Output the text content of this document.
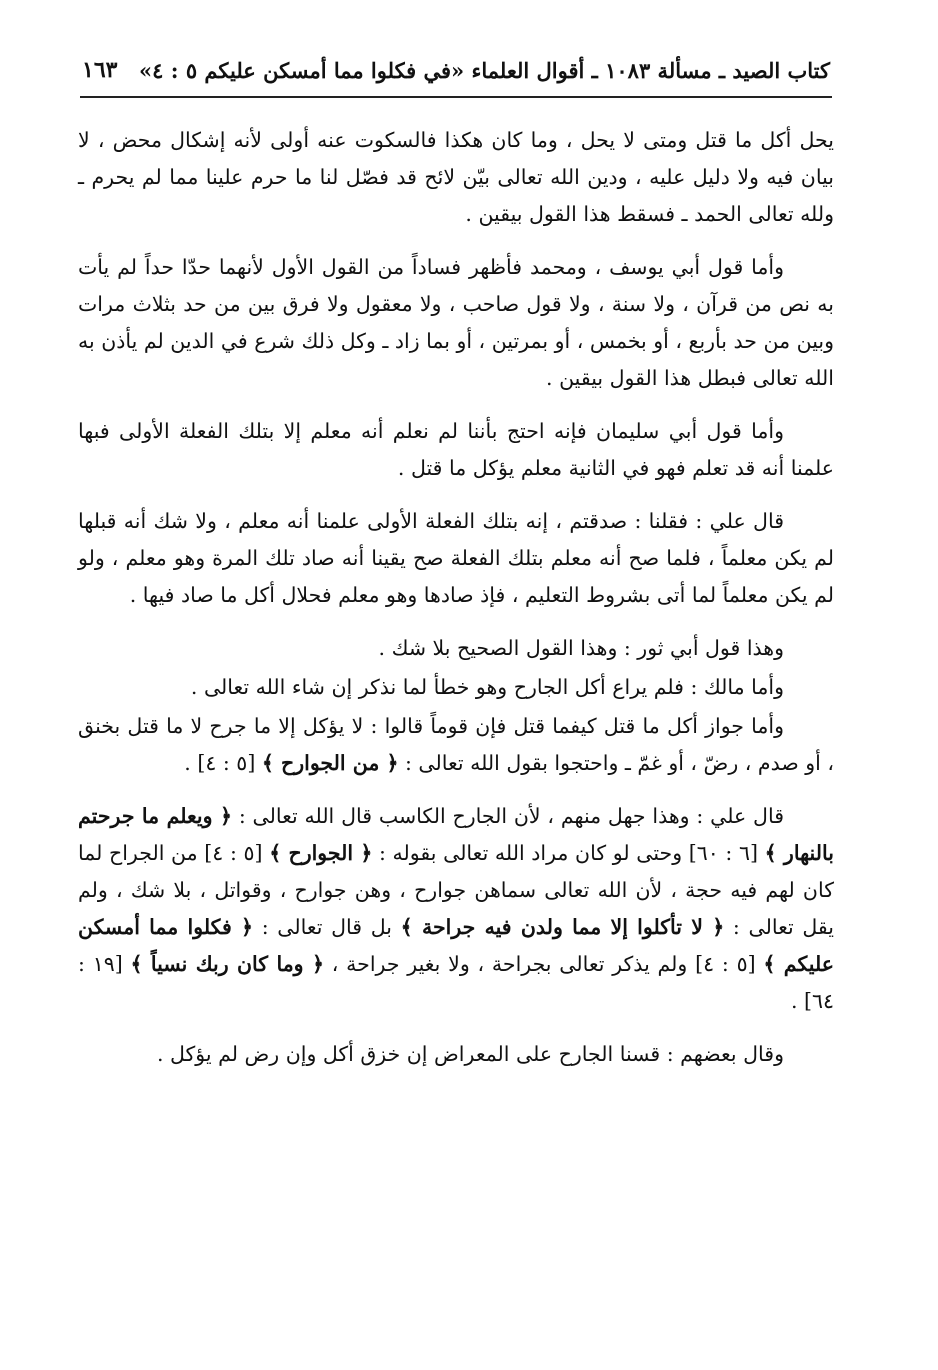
كتاب الصيد ـ مسألة ١٠٨٣ ـ أقوال العلماء «في فكلوا مما أمسكن عليكم ٥ : ٤»
١٦٣

يحل أكل ما قتل ومتى لا يحل ، وما كان هكذا فالسكوت عنه أولى لأنه إشكال محض ، لا بيان فيه ولا دليل عليه ، ودين الله تعالى بيّن لائح قد فصّل لنا ما حرم علينا مما لم يحرم ـ ولله تعالى الحمد ـ فسقط هذا القول بيقين .

وأما قول أبي يوسف ، ومحمد فأظهر فساداً من القول الأول لأنهما حدّا حداً لم يأت به نص من قرآن ، ولا سنة ، ولا قول صاحب ، ولا معقول ولا فرق بين من حد بثلاث مرات وبين من حد بأربع ، أو بخمس ، أو بمرتين ، أو بما زاد ـ وكل ذلك شرع في الدين لم يأذن به الله تعالى فبطل هذا القول بيقين .

وأما قول أبي سليمان فإنه احتج بأننا لم نعلم أنه معلم إلا بتلك الفعلة الأولى فبها علمنا أنه قد تعلم فهو في الثانية معلم يؤكل ما قتل .

قال علي : فقلنا : صدقتم ، إنه بتلك الفعلة الأولى علمنا أنه معلم ، ولا شك أنه قبلها لم يكن معلماً ، فلما صح أنه معلم بتلك الفعلة صح يقينا أنه صاد تلك المرة وهو معلم ، ولو لم يكن معلماً لما أتى بشروط التعليم ، فإذ صادها وهو معلم فحلال أكل ما صاد فيها .

وهذا قول أبي ثور : وهذا القول الصحيح بلا شك .

وأما مالك : فلم يراع أكل الجارح وهو خطأ لما نذكر إن شاء الله تعالى .

وأما جواز أكل ما قتل كيفما قتل فإن قوماً قالوا : لا يؤكل إلا ما جرح لا ما قتل بخنق ، أو صدم ، رضّ ، أو غمّ ـ واحتجوا بقول الله تعالى : ﴿ من الجوارح ﴾ [٥ : ٤] .

قال علي : وهذا جهل منهم ، لأن الجارح الكاسب قال الله تعالى : ﴿ ويعلم ما جرحتم بالنهار ﴾ [٦ : ٦٠] وحتى لو كان مراد الله تعالى بقوله : ﴿ الجوارح ﴾ [٥ : ٤] من الجراح لما كان لهم فيه حجة ، لأن الله تعالى سماهن جوارح ، وهن جوارح ، وقواتل ، بلا شك ، ولم يقل تعالى : ﴿ لا تأكلوا إلا مما ولدن فيه جراحة ﴾ بل قال تعالى : ﴿ فكلوا مما أمسكن عليكم ﴾ [٥ : ٤] ولم يذكر تعالى بجراحة ، ولا بغير جراحة ، ﴿ وما كان ربك نسياً ﴾ [١٩ : ٦٤] .

وقال بعضهم : قسنا الجارح على المعراض إن خزق أكل وإن رض لم يؤكل .
